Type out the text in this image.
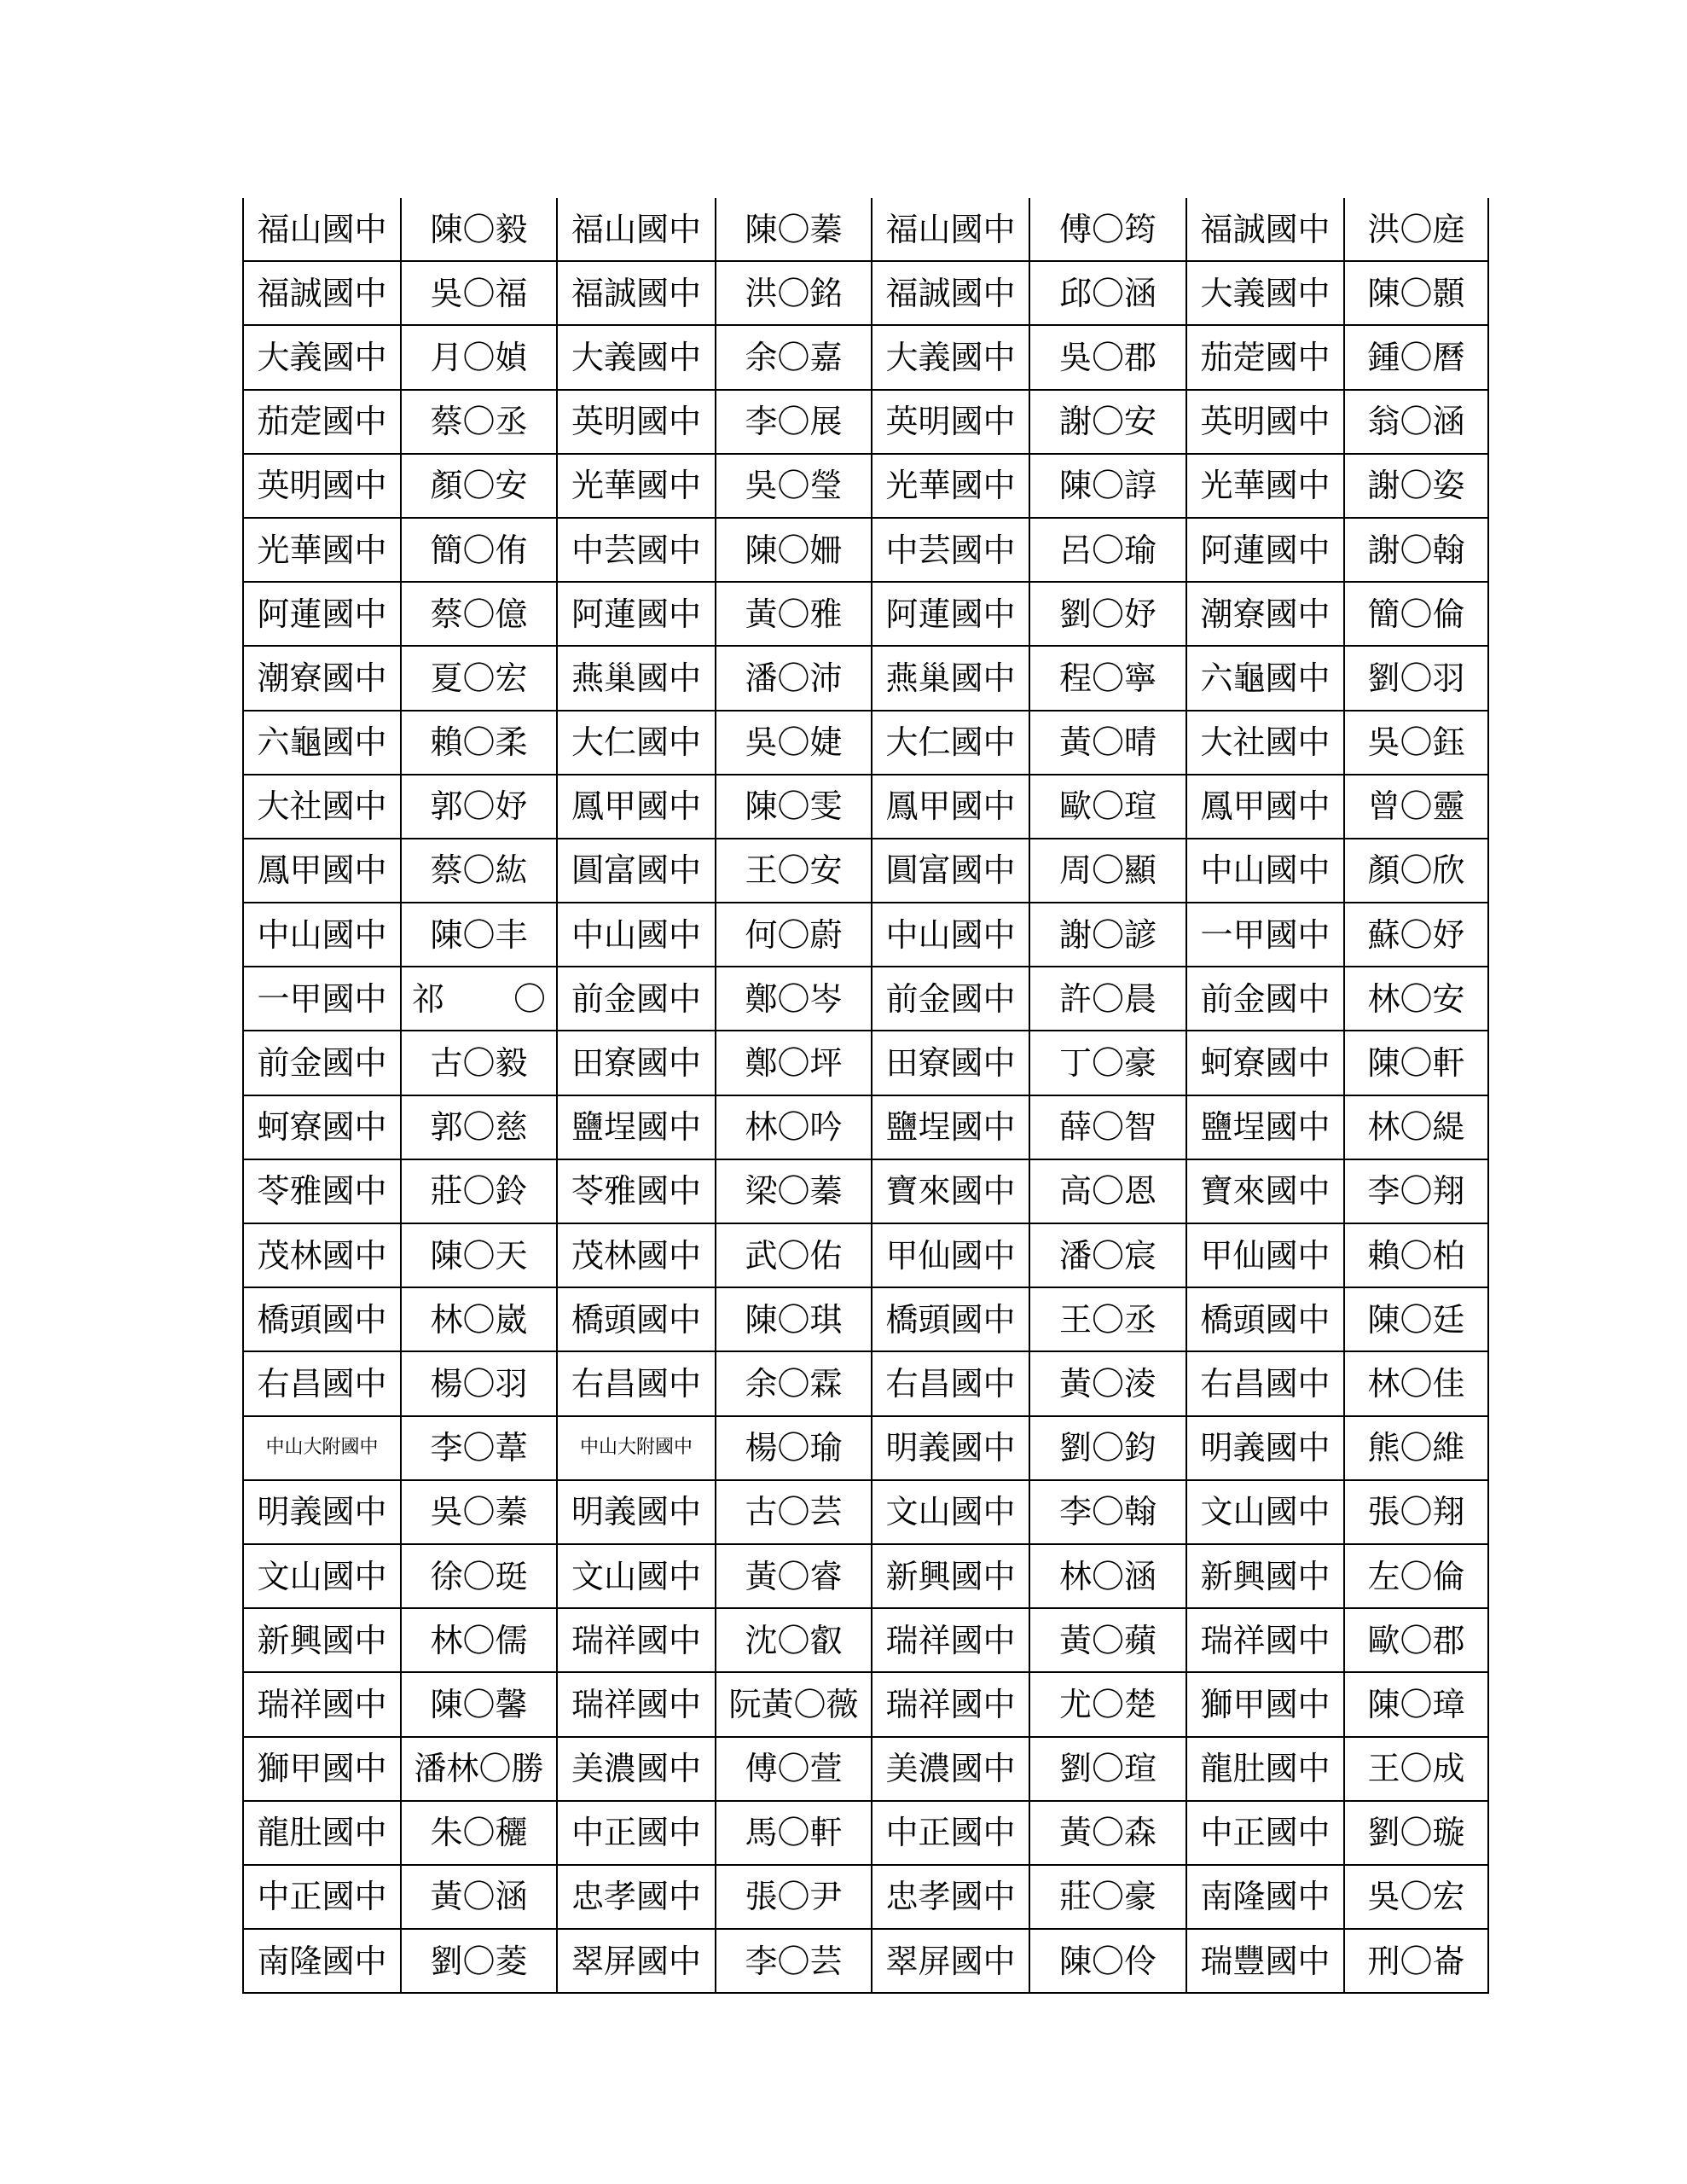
福山國中	陳〇毅	福山國中	陳〇蓁	福山國中	傅〇筠	福誠國中	洪〇庭
福誠國中	吳〇福	福誠國中	洪〇銘	福誠國中	邱〇涵	大義國中	陳〇顥
大義國中	月〇媜	大義國中	余〇嘉	大義國中	吳〇郡	茄萣國中	鍾〇曆
茄萣國中	蔡〇丞	英明國中	李〇展	英明國中	謝〇安	英明國中	翁〇涵
英明國中	顏〇安	光華國中	吳〇瑩	光華國中	陳〇諄	光華國中	謝〇姿
光華國中	簡〇侑	中芸國中	陳〇姍	中芸國中	呂〇瑜	阿蓮國中	謝〇翰
阿蓮國中	蔡〇億	阿蓮國中	黃〇雅	阿蓮國中	劉〇妤	潮寮國中	簡〇倫
潮寮國中	夏〇宏	燕巢國中	潘〇沛	燕巢國中	程〇寧	六龜國中	劉〇羽
六龜國中	賴〇柔	大仁國中	吳〇婕	大仁國中	黃〇晴	大社國中	吳〇鈺
大社國中	郭〇妤	鳳甲國中	陳〇雯	鳳甲國中	歐〇瑄	鳳甲國中	曾〇靈
鳳甲國中	蔡〇紘	圓富國中	王〇安	圓富國中	周〇顯	中山國中	顏〇欣
中山國中	陳〇丰	中山國中	何〇蔚	中山國中	謝〇諺	一甲國中	蘇〇妤
一甲國中	祁〇	前金國中	鄭〇岑	前金國中	許〇晨	前金國中	林〇安
前金國中	古〇毅	田寮國中	鄭〇坪	田寮國中	丁〇豪	蚵寮國中	陳〇軒
蚵寮國中	郭〇慈	鹽埕國中	林〇吟	鹽埕國中	薛〇智	鹽埕國中	林〇緹
苓雅國中	莊〇鈴	苓雅國中	梁〇蓁	寶來國中	高〇恩	寶來國中	李〇翔
茂林國中	陳〇天	茂林國中	武〇佑	甲仙國中	潘〇宸	甲仙國中	賴〇柏
橋頭國中	林〇崴	橋頭國中	陳〇琪	橋頭國中	王〇丞	橋頭國中	陳〇廷
右昌國中	楊〇羽	右昌國中	余〇霖	右昌國中	黃〇淩	右昌國中	林〇佳
中山大附國中	李〇葦	中山大附國中	楊〇瑜	明義國中	劉〇鈞	明義國中	熊〇維
明義國中	吳〇蓁	明義國中	古〇芸	文山國中	李〇翰	文山國中	張〇翔
文山國中	徐〇珽	文山國中	黃〇睿	新興國中	林〇涵	新興國中	左〇倫
新興國中	林〇儒	瑞祥國中	沈〇叡	瑞祥國中	黃〇蘋	瑞祥國中	歐〇郡
瑞祥國中	陳〇馨	瑞祥國中	阮黃〇薇	瑞祥國中	尤〇楚	獅甲國中	陳〇璋
獅甲國中	潘林〇勝	美濃國中	傅〇萱	美濃國中	劉〇瑄	龍肚國中	王〇成
龍肚國中	朱〇穲	中正國中	馬〇軒	中正國中	黃〇森	中正國中	劉〇璇
中正國中	黃〇涵	忠孝國中	張〇尹	忠孝國中	莊〇豪	南隆國中	吳〇宏
南隆國中	劉〇菱	翠屏國中	李〇芸	翠屏國中	陳〇伶	瑞豐國中	刑〇崙
